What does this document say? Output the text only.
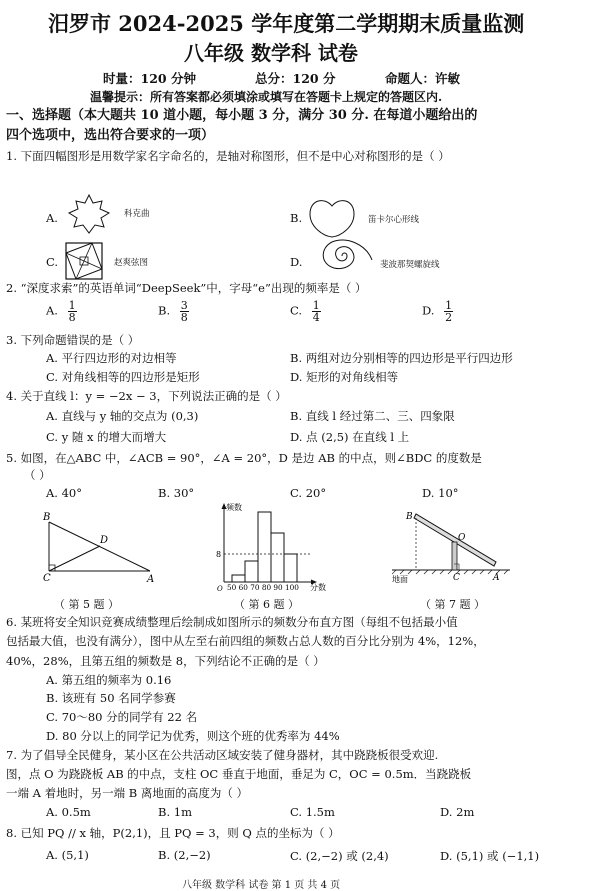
汨罗市 2024-2025 学年度第二学期期末质量监测
八年级 数学科 试卷
时量：120 分钟	总分：120 分	命题人：许敏
温馨提示：所有答案都必须填涂或填写在答题卡上规定的答题区内.
一、选择题（本大题共 10 道小题，每小题 3 分，满分 30 分. 在每道小题给出的
四个选项中，选出符合要求的一项）
1. 下面四幅图形是用数学家名字命名的，是轴对称图形，但不是中心对称图形的是（ ）
A.	科克曲	B.	笛卡尔心形线
C.	赵爽弦图	D.	斐波那契螺旋线
2. “深度求索”的英语单词“DeepSeek”中，字母“e”出现的频率是（ ）
A. $\frac{1}{8}$	B. $\frac{3}{8}$	C. $\frac{1}{4}$	D. $\frac{1}{2}$
3. 下列命题错误的是（ ）
A. 平行四边形的对边相等	B. 两组对边分别相等的四边形是平行四边形
C. 对角线相等的四边形是矩形	D. 矩形的对角线相等
4. 关于直线 l：y = −2x − 3，下列说法正确的是（ ）
A. 直线与 y 轴的交点为 (0,3)	B. 直线 l 经过第二、三、四象限
C. y 随 x 的增大而增大	D. 点 (2,5) 在直线 l 上
5. 如图，在△ABC 中，∠ACB = 90°，∠A = 20°，D 是边 AB 的中点，则∠BDC 的度数是
（ ）
A. 40°	B. 30°	C. 20°	D. 10°
B
C
D
A
（ 第 5 题 ）
频数
8
O 50 60 70 80 90 100 分数
（ 第 6 题 ）
B
O
C	A
地面
（ 第 7 题 ）
6. 某班将安全知识竞赛成绩整理后绘制成如图所示的频数分布直方图（每组不包括最小值
包括最大值，也没有满分），图中从左至右前四组的频数占总人数的百分比分别为 4%，12%，
40%，28%，且第五组的频数是 8，下列结论不正确的是（ ）
A. 第五组的频率为 0.16
B. 该班有 50 名同学参赛
C. 70～80 分的同学有 22 名
D. 80 分以上的同学记为优秀，则这个班的优秀率为 44%
7. 为了倡导全民健身，某小区在公共活动区域安装了健身器材，其中跷跷板很受欢迎.
图，点 O 为跷跷板 AB 的中点，支柱 OC 垂直于地面，垂足为 C，OC = 0.5m．当跷跷板
一端 A 着地时，另一端 B 离地面的高度为（ ）
A. 0.5m	B. 1m	C. 1.5m	D. 2m
8. 已知 PQ // x 轴，P(2,1)，且 PQ = 3，则 Q 点的坐标为（ ）
A. (5,1)	B. (2,−2)	C. (2,−2) 或 (2,4)	D. (5,1) 或 (−1,1)
八年级 数学科 试卷 第 1 页 共 4 页
